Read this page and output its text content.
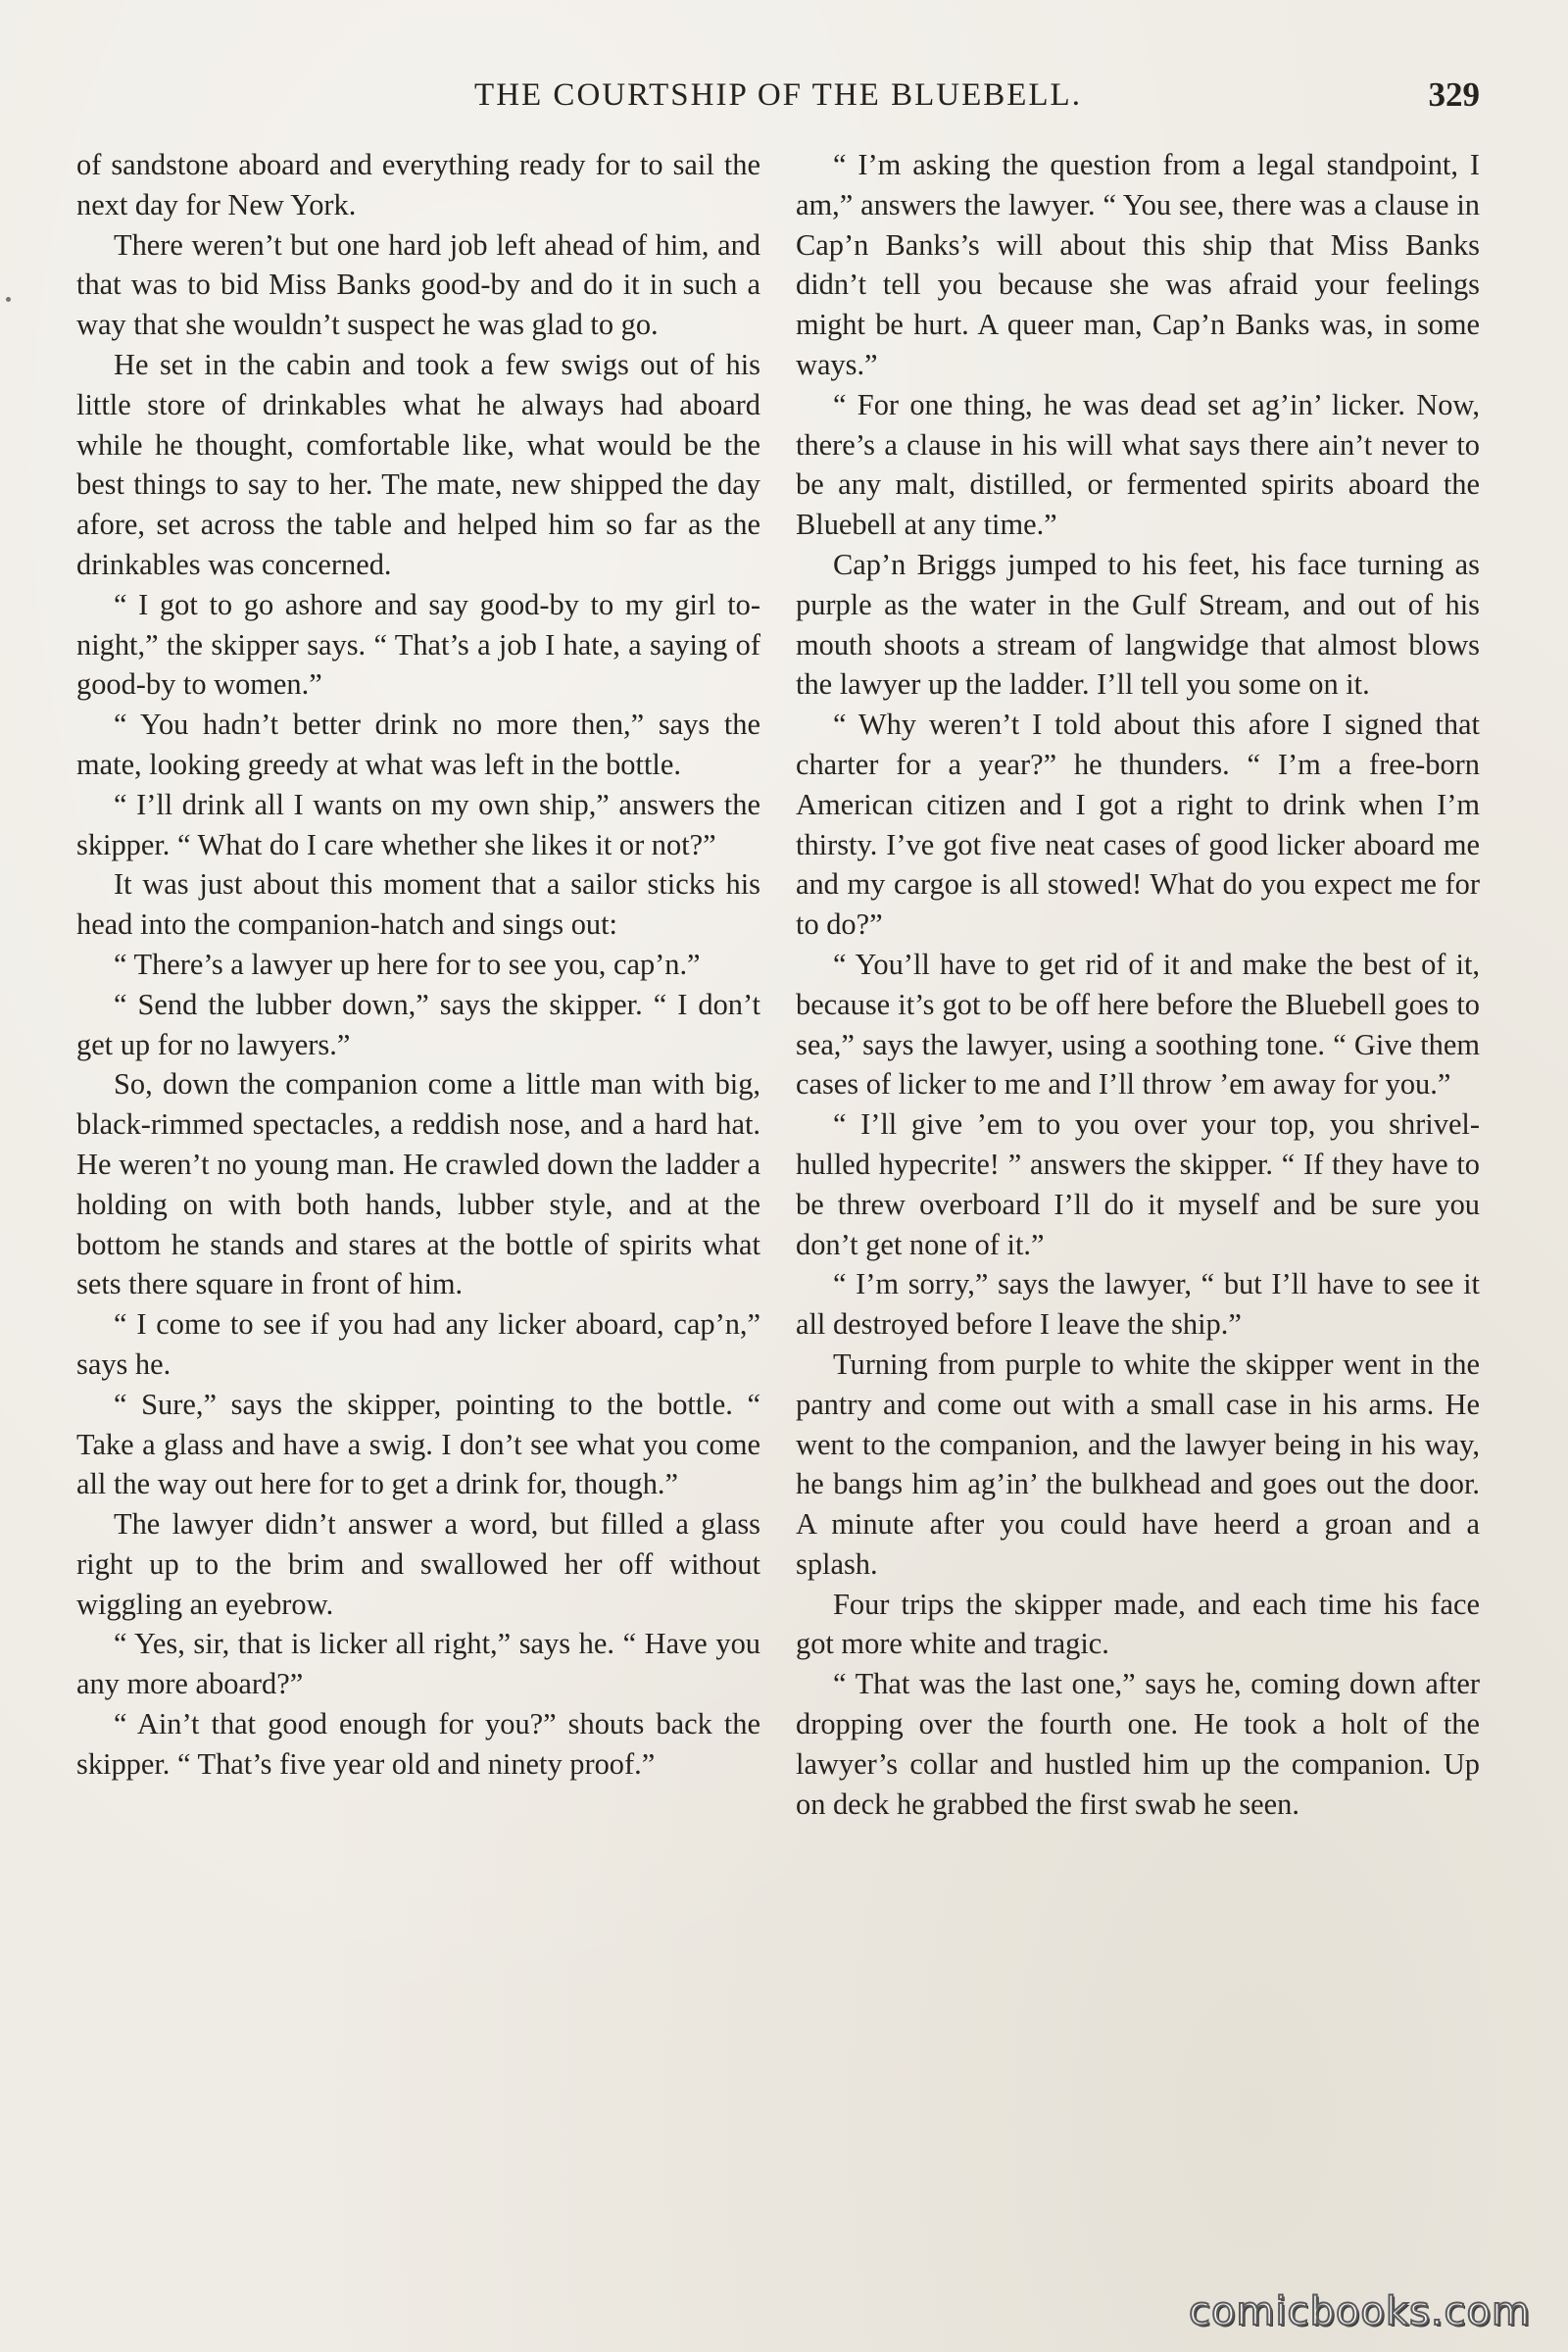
THE COURTSHIP OF THE BLUEBELL.	329

of sandstone aboard and everything ready for to sail the next day for New York.

There weren’t but one hard job left ahead of him, and that was to bid Miss Banks good-by and do it in such a way that she wouldn’t suspect he was glad to go.

He set in the cabin and took a few swigs out of his little store of drinkables what he always had aboard while he thought, comfortable like, what would be the best things to say to her. The mate, new shipped the day afore, set across the table and helped him so far as the drinkables was concerned.

“ I got to go ashore and say good-by to my girl to-night,” the skipper says. “ That’s a job I hate, a saying of good-by to women.”

“ You hadn’t better drink no more then,” says the mate, looking greedy at what was left in the bottle.

“ I’ll drink all I wants on my own ship,” answers the skipper. “ What do I care whether she likes it or not?”

It was just about this moment that a sailor sticks his head into the companion-hatch and sings out:

“ There’s a lawyer up here for to see you, cap’n.”

“ Send the lubber down,” says the skipper. “ I don’t get up for no lawyers.”

So, down the companion come a little man with big, black-rimmed spectacles, a reddish nose, and a hard hat. He weren’t no young man. He crawled down the ladder a holding on with both hands, lubber style, and at the bottom he stands and stares at the bottle of spirits what sets there square in front of him.

“ I come to see if you had any licker aboard, cap’n,” says he.

“ Sure,” says the skipper, pointing to the bottle. “ Take a glass and have a swig. I don’t see what you come all the way out here for to get a drink for, though.”

The lawyer didn’t answer a word, but filled a glass right up to the brim and swallowed her off without wiggling an eyebrow.

“ Yes, sir, that is licker all right,” says he. “ Have you any more aboard?”

“ Ain’t that good enough for you?” shouts back the skipper. “ That’s five year old and ninety proof.”

“ I’m asking the question from a legal standpoint, I am,” answers the lawyer. “ You see, there was a clause in Cap’n Banks’s will about this ship that Miss Banks didn’t tell you because she was afraid your feelings might be hurt. A queer man, Cap’n Banks was, in some ways.”

“ For one thing, he was dead set ag’in’ licker. Now, there’s a clause in his will what says there ain’t never to be any malt, distilled, or fermented spirits aboard the Bluebell at any time.”

Cap’n Briggs jumped to his feet, his face turning as purple as the water in the Gulf Stream, and out of his mouth shoots a stream of langwidge that almost blows the lawyer up the ladder. I’ll tell you some on it.

“ Why weren’t I told about this afore I signed that charter for a year?” he thunders. “ I’m a free-born American citizen and I got a right to drink when I’m thirsty. I’ve got five neat cases of good licker aboard me and my cargoe is all stowed! What do you expect me for to do?”

“ You’ll have to get rid of it and make the best of it, because it’s got to be off here before the Bluebell goes to sea,” says the lawyer, using a soothing tone. “ Give them cases of licker to me and I’ll throw ’em away for you.”

“ I’ll give ’em to you over your top, you shrivel-hulled hypecrite! ” answers the skipper. “ If they have to be threw overboard I’ll do it myself and be sure you don’t get none of it.”

“ I’m sorry,” says the lawyer, “ but I’ll have to see it all destroyed before I leave the ship.”

Turning from purple to white the skipper went in the pantry and come out with a small case in his arms. He went to the companion, and the lawyer being in his way, he bangs him ag’in’ the bulkhead and goes out the door. A minute after you could have heerd a groan and a splash.

Four trips the skipper made, and each time his face got more white and tragic.

“ That was the last one,” says he, coming down after dropping over the fourth one. He took a holt of the lawyer’s collar and hustled him up the companion. Up on deck he grabbed the first swab he seen.

comicbooks.com
